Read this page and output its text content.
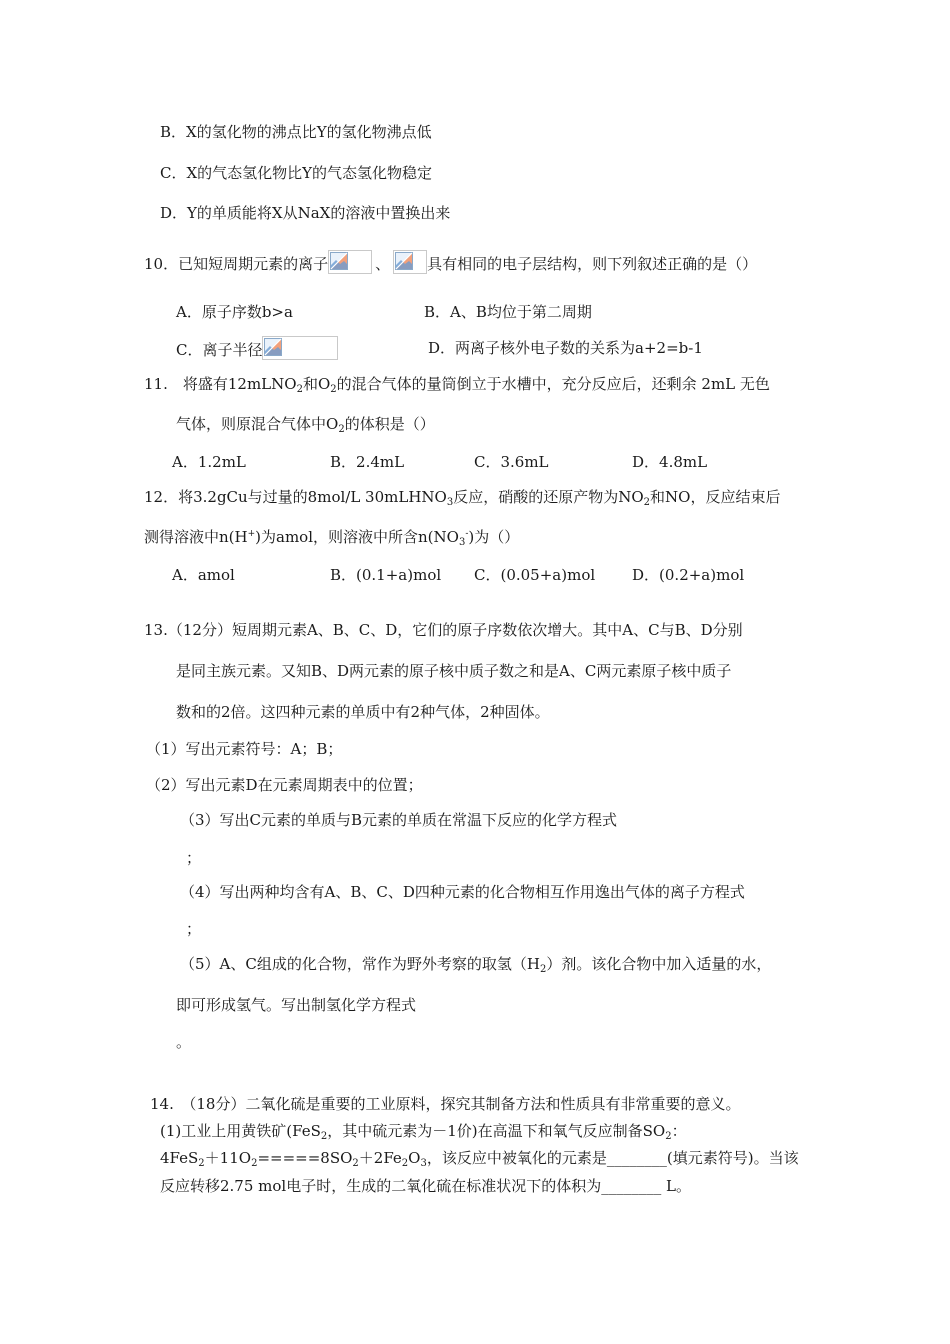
B．X的氢化物的沸点比Y的氢化物沸点低
C．X的气态氢化物比Y的气态氢化物稳定
D．Y的单质能将X从NaX的溶液中置换出来
10．已知短周期元素的离子	、 具有相同的电子层结构，则下列叙述正确的是（）
A．原子序数b>a	B．A、B均位于第二周期
C．离子半径	D．两离子核外电子数的关系为a+2=b-1
11.　将盛有12mLNO$_2$和$O_2$的混合气体的量筒倒立于水槽中，充分反应后，还剩余 2mL 无色
气体，则原混合气体中$O_2$的体积是（）
A．1.2mL	B．2.4mL	C．3.6mL	D．4.8mL
12．将3.2gCu与过量的8mol/L 30mLHNO$_3$反应，硝酸的还原产物为$NO_2$和NO，反应结束后
测得溶液中n(H+)为amol，则溶液中所含$n(NO_3^-)$为（）
A．amol	B．(0.1+a)mol C．(0.05+a)mol D．(0.2+a)mol
13.（12分）短周期元素A、B、C、D，它们的原子序数依次增大。其中A、C与B、D分别
是同主族元素。又知B、D两元素的原子核中质子数之和是A、C两元素原子核中质子
数和的2倍。这四种元素的单质中有2种气体，2种固体。
（1）写出元素符号：A；B；
（2）写出元素D在元素周期表中的位置；
（3）写出C元素的单质与B元素的单质在常温下反应的化学方程式
；
（4）写出两种均含有A、B、C、D四种元素的化合物相互作用逸出气体的离子方程式
；
（5）A、C组成的化合物，常作为野外考察的取氢$(H_2)$剂。该化合物中加入适量的水，
即可形成氢气。写出制氢化学方程式
。
14.　（18分）二氧化硫是重要的工业原料，探究其制备方法和性质具有非常重要的意义。
(1)工业上用黄铁矿(FeS$_2$，其中硫元素为－1价)在高温下和氧气反应制备$SO_2$：
$4FeS_2+11O_2=====8SO_2+2Fe_2O_3$，该反应中被氧化的元素是________(填元素符号)。当该
反应转移2.75 mol电子时，生成的二氧化硫在标准状况下的体积为________ L。
